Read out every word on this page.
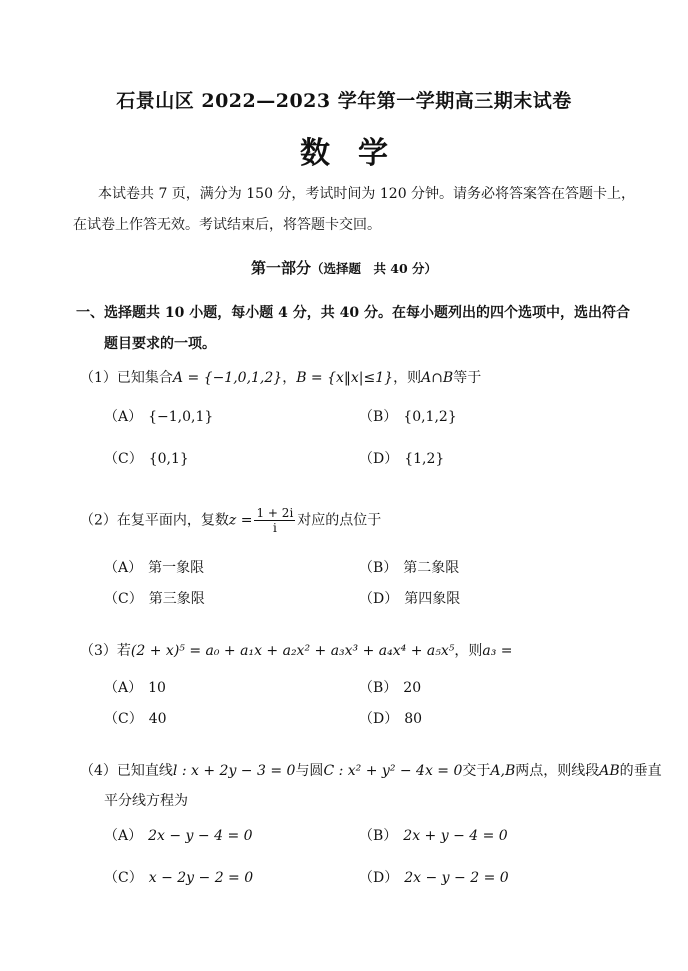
石景山区 2022—2023 学年第一学期高三期末试卷
数学
本试卷共 7 页，满分为 150 分，考试时间为 120 分钟。请务必将答案答在答题卡上，
在试卷上作答无效。考试结束后，将答题卡交回。
第一部分（选择题　共 40 分）
一、选择题共 10 小题，每小题 4 分，共 40 分。在每小题列出的四个选项中，选出符合
题目要求的一项。
（1）已知集合A = {−1,0,1,2}，B = {x‖x|≤1}，则A∩B等于
（A） {−1,0,1}	（B） {0,1,2}
（C） {0,1}	（D） {1,2}
（2）在复平面内，复数$z = \frac{1 + 2i}{i}$ 对应的点位于
（A） 第一象限	（B） 第二象限
（C） 第三象限	（D） 第四象限
（3）若(2 + x)⁵ = a₀ + a₁x + a₂x² + a₃x³ + a₄x⁴ + a₅x⁵，则a₃ =
（A） 10	（B） 20
（C） 40	（D） 80
（4）已知直线l : x + 2y − 3 = 0与圆C : x² + y² − 4x = 0交于A,B两点，则线段AB的垂直
平分线方程为
（A） 2x − y − 4 = 0	（B） 2x + y − 4 = 0
（C） x − 2y − 2 = 0	（D） 2x − y − 2 = 0
